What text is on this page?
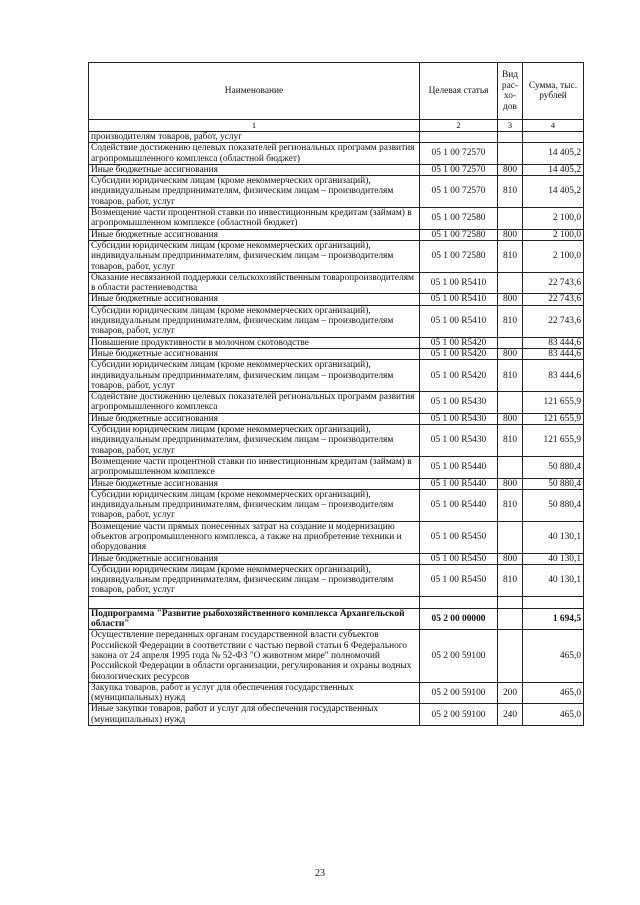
Наименование	Целевая статья	Вид рас- хо- дов	Сумма, тыс. рублей
1	2	3	4
производителям товаров, работ, услуг			
Содействие достижению целевых показателей региональных программ развития агропромышленного комплекса (областной бюджет)	05 1 00 72570		14 405,2
Иные бюджетные ассигнования	05 1 00 72570	800	14 405,2
Субсидии юридическим лицам (кроме некоммерческих организаций), индивидуальным предпринимателям, физическим лицам – производителям товаров, работ, услуг	05 1 00 72570	810	14 405,2
Возмещение части процентной ставки по инвестиционным кредитам (займам) в агропромышленном комплексе (областной бюджет)	05 1 00 72580		2 100,0
Иные бюджетные ассигнования	05 1 00 72580	800	2 100,0
Субсидии юридическим лицам (кроме некоммерческих организаций), индивидуальным предпринимателям, физическим лицам – производителям товаров, работ, услуг	05 1 00 72580	810	2 100,0
Оказание несвязанной поддержки сельскохозяйственным товаропроизводителям в области растениеводства	05 1 00 R5410		22 743,6
Иные бюджетные ассигнования	05 1 00 R5410	800	22 743,6
Субсидии юридическим лицам (кроме некоммерческих организаций), индивидуальным предпринимателям, физическим лицам – производителям товаров, работ, услуг	05 1 00 R5410	810	22 743,6
Повышение продуктивности в молочном скотоводстве	05 1 00 R5420		83 444,6
Иные бюджетные ассигнования	05 1 00 R5420	800	83 444,6
Субсидии юридическим лицам (кроме некоммерческих организаций), индивидуальным предпринимателям, физическим лицам – производителям товаров, работ, услуг	05 1 00 R5420	810	83 444,6
Содействие достижению целевых показателей региональных программ развития агропромышленного комплекса	05 1 00 R5430		121 655,9
Иные бюджетные ассигнования	05 1 00 R5430	800	121 655,9
Субсидии юридическим лицам (кроме некоммерческих организаций), индивидуальным предпринимателям, физическим лицам – производителям товаров, работ, услуг	05 1 00 R5430	810	121 655,9
Возмещение части процентной ставки по инвестиционным кредитам (займам) в агропромышленном комплексе	05 1 00 R5440		50 880,4
Иные бюджетные ассигнования	05 1 00 R5440	800	50 880,4
Субсидии юридическим лицам (кроме некоммерческих организаций), индивидуальным предпринимателям, физическим лицам – производителям товаров, работ, услуг	05 1 00 R5440	810	50 880,4
Возмещение части прямых понесенных затрат на создание и модернизацию объектов агропромышленного комплекса, а также на приобретение техники и оборудования	05 1 00 R5450		40 130,1
Иные бюджетные ассигнования	05 1 00 R5450	800	40 130,1
Субсидии юридическим лицам (кроме некоммерческих организаций), индивидуальным предпринимателям, физическим лицам – производителям товаров, работ, услуг	05 1 00 R5450	810	40 130,1

Подпрограмма "Развитие рыбохозяйственного комплекса Архангельской области"	05 2 00 00000		1 694,5
Осуществление переданных органам государственной власти субъектов Российской Федерации в соответствии с частью первой статьи 6 Федерального закона от 24 апреля 1995 года № 52-ФЗ "О животном мире" полномочий Российской Федерации в области организации, регулирования и охраны водных биологических ресурсов	05 2 00 59100		465,0
Закупка товаров, работ и услуг для обеспечения государственных (муниципальных) нужд	05 2 00 59100	200	465,0
Иные закупки товаров, работ и услуг для обеспечения государственных (муниципальных) нужд	05 2 00 59100	240	465,0
23
